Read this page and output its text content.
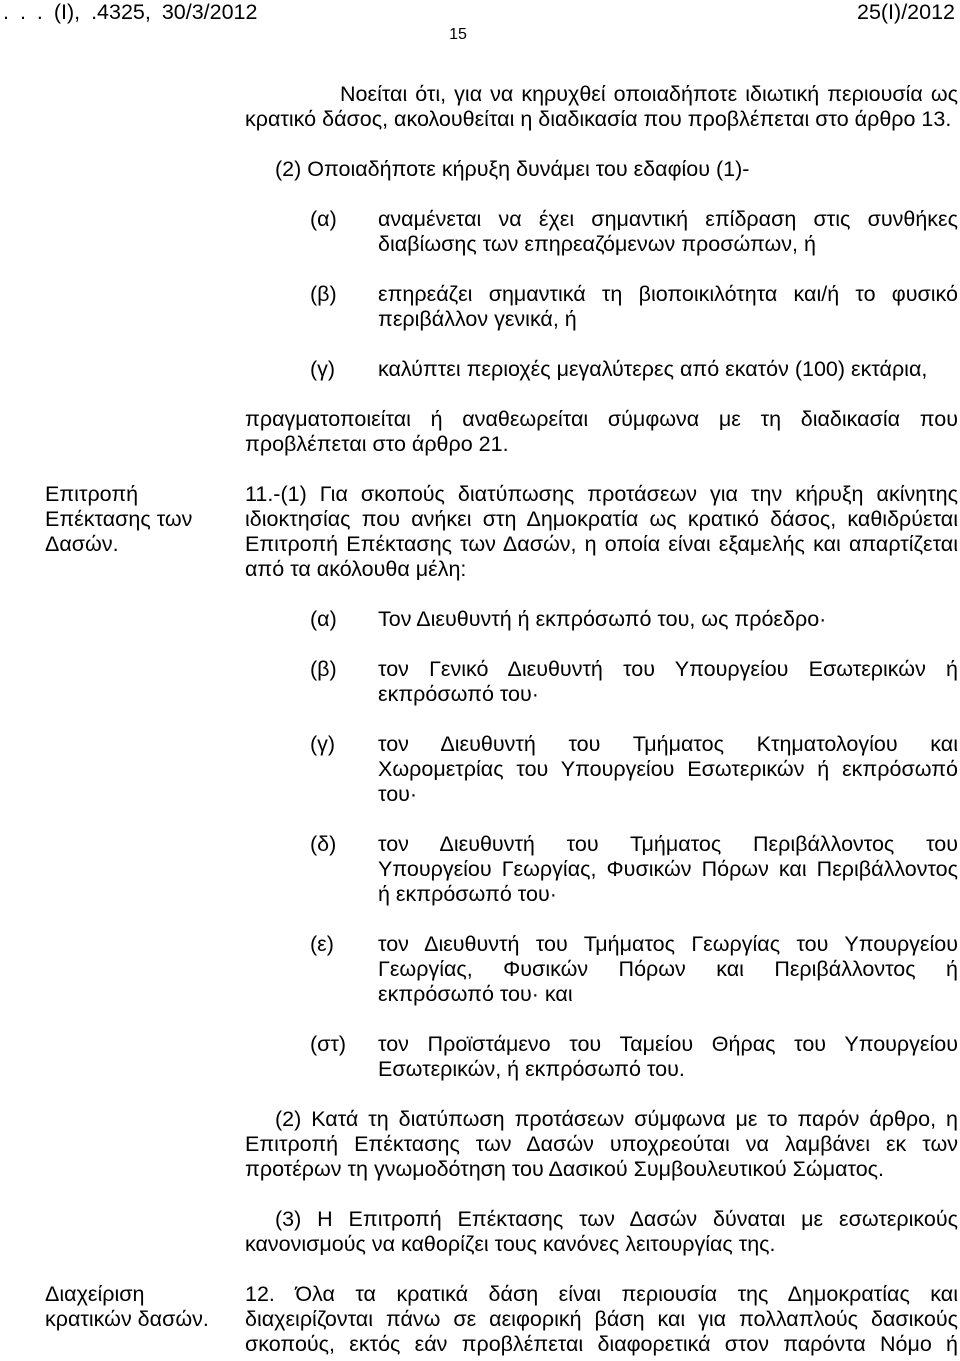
. . . (Ι), .4325, 30/3/2012	25(Ι)/2012
15
Νοείται ότι, για να κηρυχθεί οποιαδήποτε ιδιωτική περιουσία ως
κρατικό δάσος, ακολουθείται η διαδικασία που προβλέπεται στο άρθρο 13.
(2) Οποιαδήποτε κήρυξη δυνάμει του εδαφίου (1)-
(α) αναμένεται να έχει σημαντική επίδραση στις συνθήκες
διαβίωσης των επηρεαζόμενων προσώπων, ή
(β) επηρεάζει σημαντικά τη βιοποικιλότητα και/ή το φυσικό
περιβάλλον γενικά, ή
(γ) καλύπτει περιοχές μεγαλύτερες από εκατόν (100) εκτάρια,
πραγματοποιείται ή αναθεωρείται σύμφωνα με τη διαδικασία που
προβλέπεται στο άρθρο 21.
Επιτροπή
Επέκτασης των
Δασών.
11.-(1) Για σκοπούς διατύπωσης προτάσεων για την κήρυξη ακίνητης
ιδιοκτησίας που ανήκει στη Δημοκρατία ως κρατικό δάσος, καθιδρύεται
Επιτροπή Επέκτασης των Δασών, η οποία είναι εξαμελής και απαρτίζεται
από τα ακόλουθα μέλη:
(α) Τον Διευθυντή ή εκπρόσωπό του, ως πρόεδρο·
(β) τον Γενικό Διευθυντή του Υπουργείου Εσωτερικών ή
εκπρόσωπό του·
(γ) τον Διευθυντή του Τμήματος Κτηματολογίου και
Χωρομετρίας του Υπουργείου Εσωτερικών ή εκπρόσωπό
του·
(δ) τον Διευθυντή του Τμήματος Περιβάλλοντος του
Υπουργείου Γεωργίας, Φυσικών Πόρων και Περιβάλλοντος
ή εκπρόσωπό του·
(ε) τον Διευθυντή του Τμήματος Γεωργίας του Υπουργείου
Γεωργίας, Φυσικών Πόρων και Περιβάλλοντος ή
εκπρόσωπό του· και
(στ) τον Προϊστάμενο του Ταμείου Θήρας του Υπουργείου
Εσωτερικών, ή εκπρόσωπό του.
(2) Κατά τη διατύπωση προτάσεων σύμφωνα με το παρόν άρθρο, η
Επιτροπή Επέκτασης των Δασών υποχρεούται να λαμβάνει εκ των
προτέρων τη γνωμοδότηση του Δασικού Συμβουλευτικού Σώματος.
(3) Η Επιτροπή Επέκτασης των Δασών δύναται με εσωτερικούς
κανονισμούς να καθορίζει τους κανόνες λειτουργίας της.
Διαχείριση
κρατικών δασών.
12. Όλα τα κρατικά δάση είναι περιουσία της Δημοκρατίας και
διαχειρίζονται πάνω σε αειφορική βάση και για πολλαπλούς δασικούς
σκοπούς, εκτός εάν προβλέπεται διαφορετικά στον παρόντα Νόμο ή
